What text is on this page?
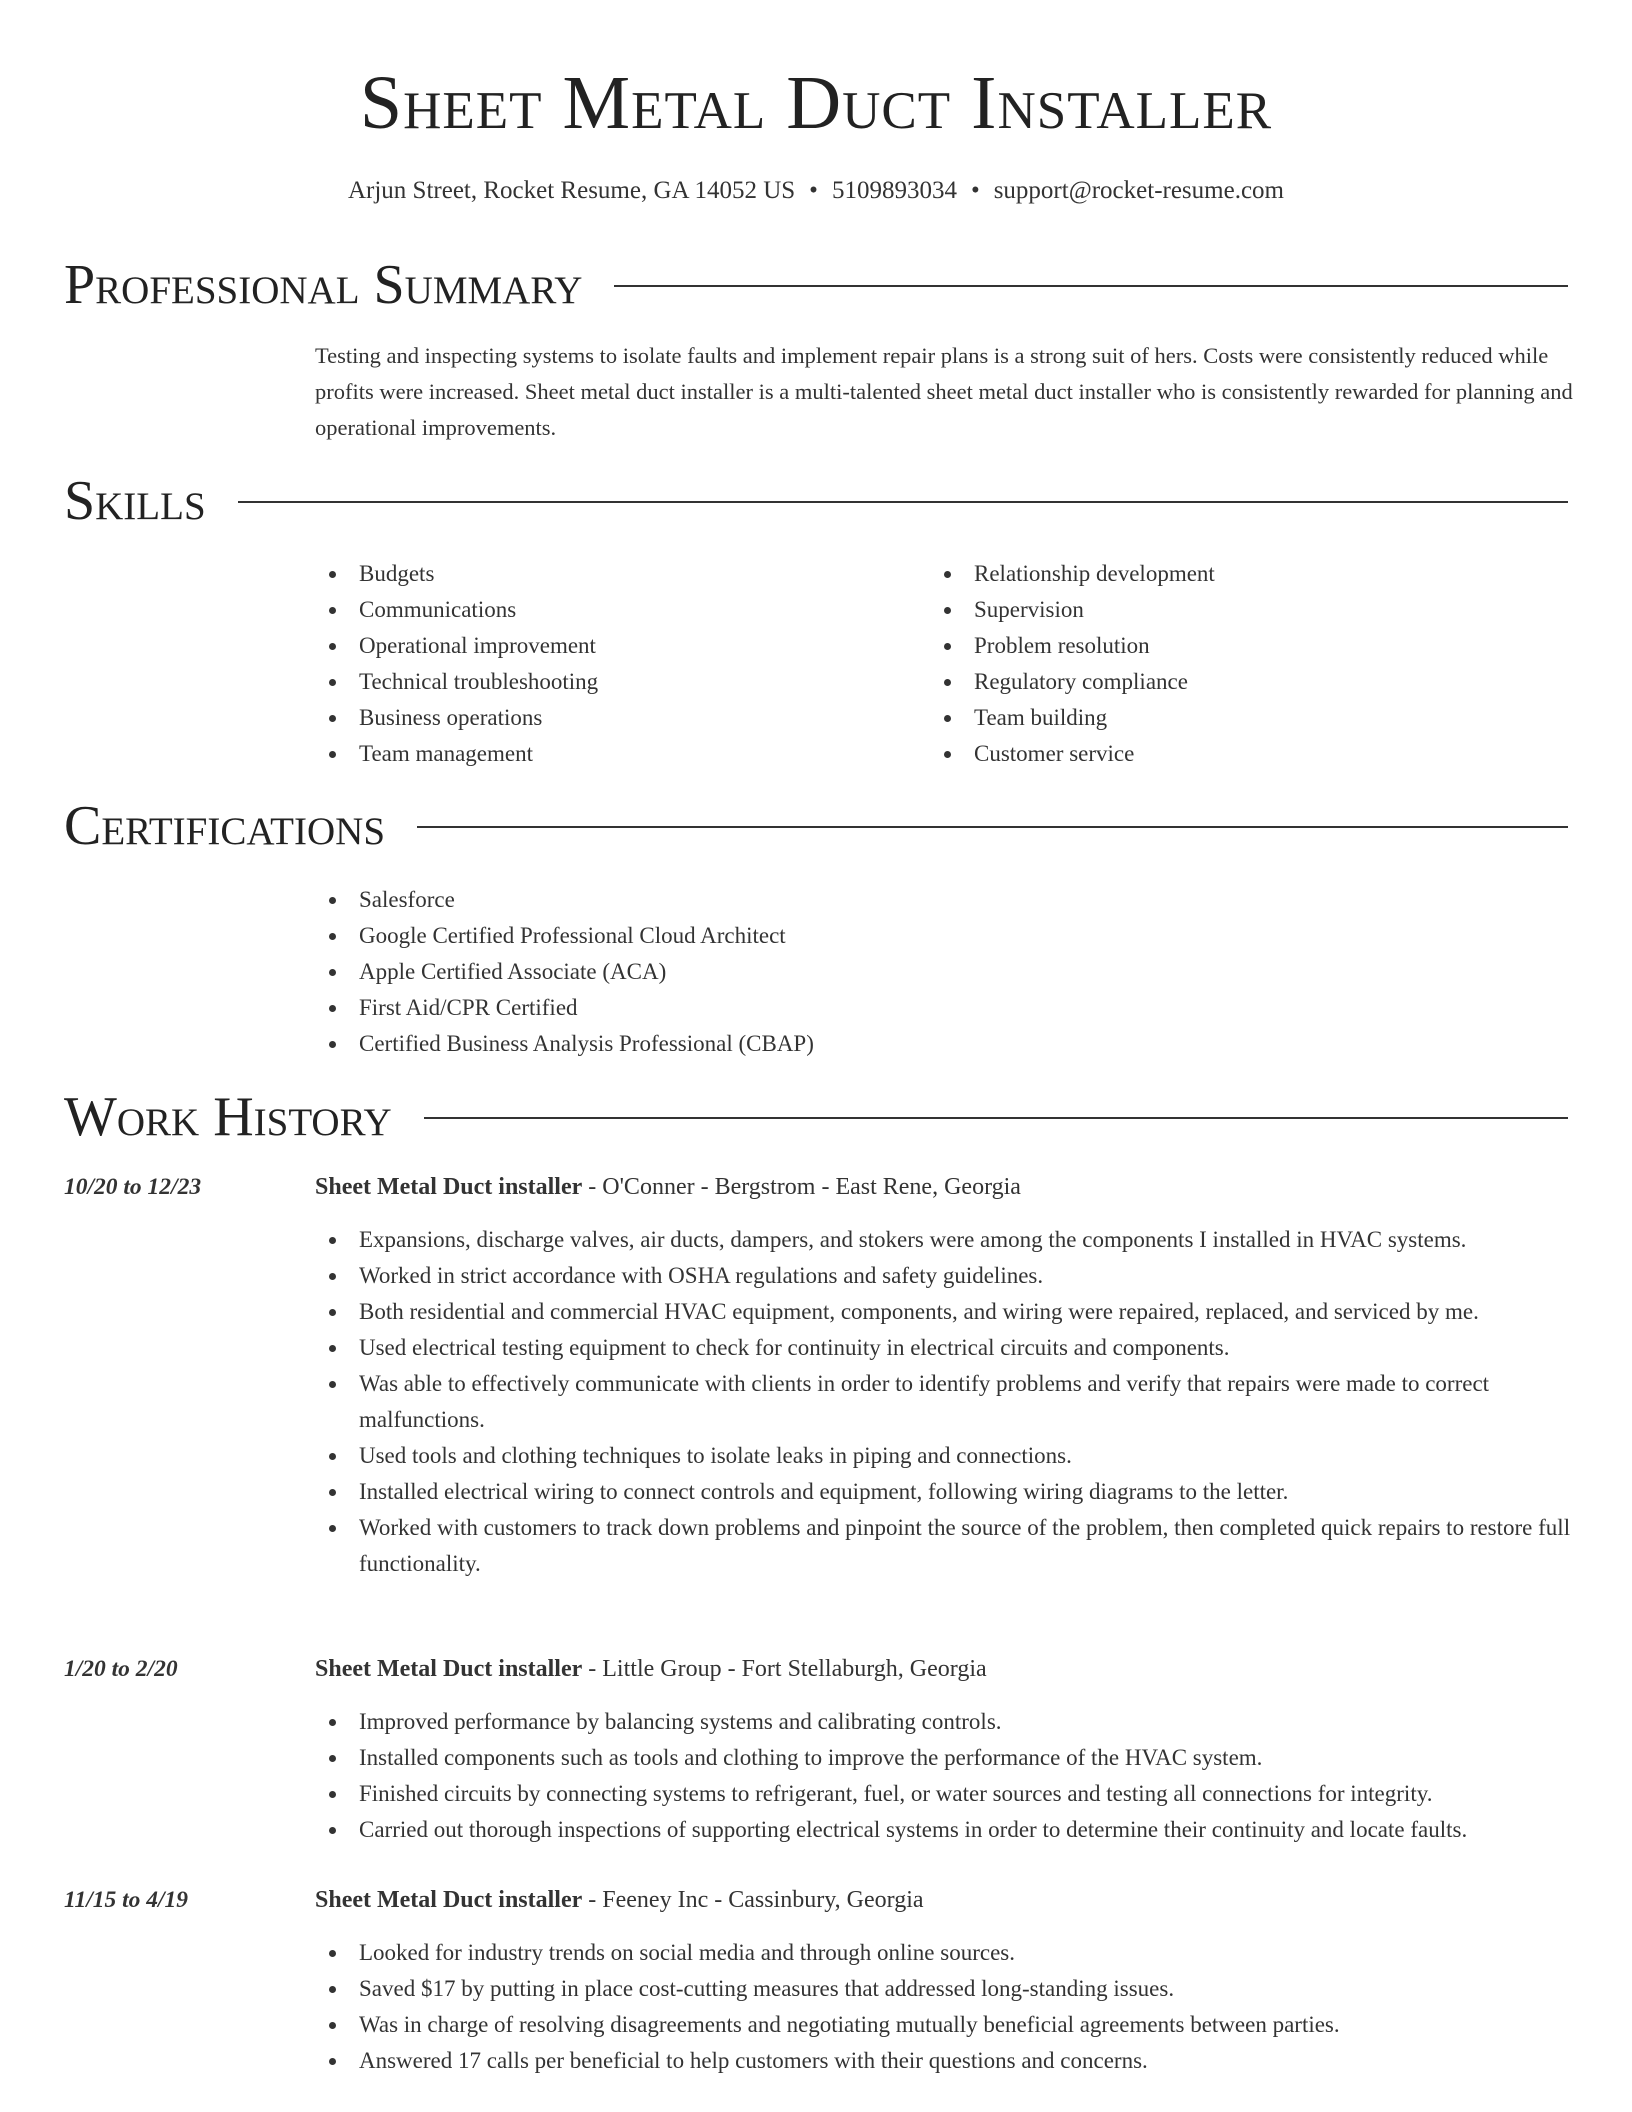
Sheet Metal Duct Installer
Arjun Street, Rocket Resume, GA 14052 US • 5109893034 • support@rocket-resume.com
Professional Summary

Testing and inspecting systems to isolate faults and implement repair plans is a strong suit of hers. Costs were consistently reduced while profits were increased. Sheet metal duct installer is a multi-talented sheet metal duct installer who is consistently rewarded for planning and operational improvements.

Skills
Budgets
Communications
Operational improvement
Technical troubleshooting
Business operations
Team management
Relationship development
Supervision
Problem resolution
Regulatory compliance
Team building
Customer service
Certifications
Salesforce
Google Certified Professional Cloud Architect
Apple Certified Associate (ACA)
First Aid/CPR Certified
Certified Business Analysis Professional (CBAP)
Work History
10/20 to 12/23	Sheet Metal Duct installer - O'Conner - Bergstrom - East Rene, Georgia
Expansions, discharge valves, air ducts, dampers, and stokers were among the components I installed in HVAC systems.
Worked in strict accordance with OSHA regulations and safety guidelines.
Both residential and commercial HVAC equipment, components, and wiring were repaired, replaced, and serviced by me.
Used electrical testing equipment to check for continuity in electrical circuits and components.
Was able to effectively communicate with clients in order to identify problems and verify that repairs were made to correct malfunctions.
Used tools and clothing techniques to isolate leaks in piping and connections.
Installed electrical wiring to connect controls and equipment, following wiring diagrams to the letter.
Worked with customers to track down problems and pinpoint the source of the problem, then completed quick repairs to restore full functionality.
1/20 to 2/20	Sheet Metal Duct installer - Little Group - Fort Stellaburgh, Georgia
Improved performance by balancing systems and calibrating controls.
Installed components such as tools and clothing to improve the performance of the HVAC system.
Finished circuits by connecting systems to refrigerant, fuel, or water sources and testing all connections for integrity.
Carried out thorough inspections of supporting electrical systems in order to determine their continuity and locate faults.
11/15 to 4/19	Sheet Metal Duct installer - Feeney Inc - Cassinbury, Georgia
Looked for industry trends on social media and through online sources.
Saved $17 by putting in place cost-cutting measures that addressed long-standing issues.
Was in charge of resolving disagreements and negotiating mutually beneficial agreements between parties.
Answered 17 calls per beneficial to help customers with their questions and concerns.
